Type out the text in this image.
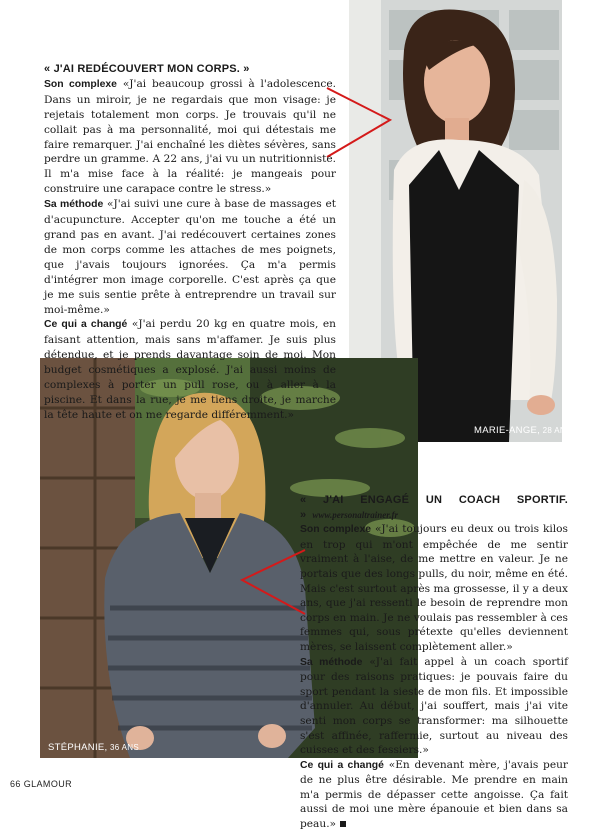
MARIE-ANGE, 28 ANS
STÉPHANIE, 36 ANS
« J'AI REDÉCOUVERT MON CORPS. »
Son complexe «J'ai beaucoup grossi à l'adolescence. Dans un miroir, je ne regardais que mon visage: je rejetais totalement mon corps. Je trouvais qu'il ne collait pas à ma personnalité, moi qui détestais me faire remarquer. J'ai enchaîné les diètes sévères, sans perdre un gramme. A 22 ans, j'ai vu un nutritionniste. Il m'a mise face à la réalité: je mangeais pour construire une carapace contre le stress.»
Sa méthode «J'ai suivi une cure à base de massages et d'acupuncture. Accepter qu'on me touche a été un grand pas en avant. J'ai redécouvert certaines zones de mon corps comme les attaches de mes poignets, que j'avais toujours ignorées. Ça m'a permis d'intégrer mon image corporelle. C'est après ça que je me suis sentie prête à entreprendre un travail sur moi-même.»
Ce qui a changé «J'ai perdu 20 kg en quatre mois, en faisant attention, mais sans m'affamer. Je suis plus détendue, et je prends davantage soin de moi. Mon budget cosmétiques a explosé. J'ai aussi moins de complexes à porter un pull rose, ou à aller à la piscine. Et dans la rue, je me tiens droite, je marche la tête haute et on me regarde différemment.»
« J'AI ENGAGÉ UN COACH SPORTIF. » www.personaltrainer.fr
Son complexe «J'ai toujours eu deux ou trois kilos en trop qui m'ont empêchée de me sentir vraiment à l'aise, de me mettre en valeur. Je ne portais que des longs pulls, du noir, même en été. Mais c'est surtout après ma grossesse, il y a deux ans, que j'ai ressenti le besoin de reprendre mon corps en main. Je ne voulais pas ressembler à ces femmes qui, sous prétexte qu'elles deviennent mères, se laissent complètement aller.»
Sa méthode «J'ai fait appel à un coach sportif pour des raisons pratiques: je pouvais faire du sport pendant la sieste de mon fils. Et impossible d'annuler. Au début, j'ai souffert, mais j'ai vite senti mon corps se transformer: ma silhouette s'est affinée, raffermie, surtout au niveau des cuisses et des fessiers.»
Ce qui a changé «En devenant mère, j'avais peur de ne plus être désirable. Me prendre en main m'a permis de dépasser cette angoisse. Ça fait aussi de moi une mère épanouie et bien dans sa peau.»
66 GLAMOUR
